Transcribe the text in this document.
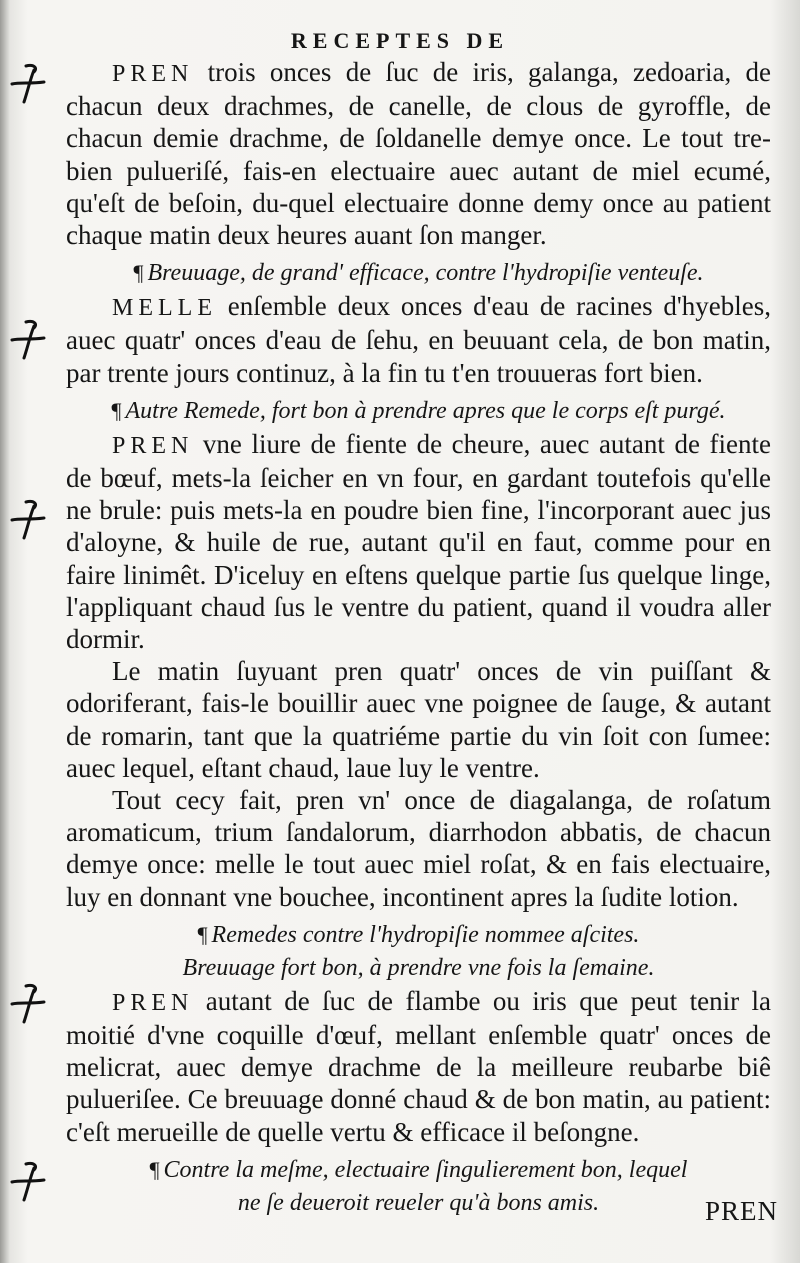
RECEPTES DE

PREN trois onces de ſuc de iris, galanga, zedoaria, de chacun deux drachmes, de canelle, de clous de gyroffle, de chacun demie drachme, de ſoldanelle demye once. Le tout tre-bien pulueriſé, fais-en electuaire auec autant de miel ecumé, qu'eſt de beſoin, du-quel electuaire donne demy once au patient chaque matin deux heures auant ſon manger.

¶ Breuuage, de grand' efficace, contre l'hydropiſie venteuſe.

MELLE enſemble deux onces d'eau de racines d'hyebles, auec quatr' onces d'eau de ſehu, en beuuant cela, de bon matin, par trente jours continuz, à la fin tu t'en trouueras fort bien.

¶ Autre Remede, fort bon à prendre apres que le corps eſt purgé.

PREN vne liure de fiente de cheure, auec autant de fiente de bœuf, mets-la ſeicher en vn four, en gardant toutefois qu'elle ne brule: puis mets-la en poudre bien fine, l'incorporant auec jus d'aloyne, & huile de rue, autant qu'il en faut, comme pour en faire linimêt. D'iceluy en eſtens quelque partie ſus quelque linge, l'appliquant chaud ſus le ventre du patient, quand il voudra aller dormir.

Le matin ſuyuant pren quatr' onces de vin puiſſant & odoriferant, fais-le bouillir auec vne poignee de ſauge, & autant de romarin, tant que la quatriéme partie du vin ſoit con ſumee: auec lequel, eſtant chaud, laue luy le ventre.

Tout cecy fait, pren vn' once de diagalanga, de roſatum aromaticum, trium ſandalorum, diarrhodon abbatis, de chacun demye once: melle le tout auec miel roſat, & en fais electuaire, luy en donnant vne bouchee, incontinent apres la ſudite lotion.

¶ Remedes contre l'hydropiſie nommee aſcites.

Breuuage fort bon, à prendre vne fois la ſemaine.

PREN autant de ſuc de flambe ou iris que peut tenir la moitié d'vne coquille d'œuf, mellant enſemble quatr' onces de melicrat, auec demye drachme de la meilleure reubarbe biê pulueriſee. Ce breuuage donné chaud & de bon matin, au patient: c'eſt merueille de quelle vertu & efficace il beſongne.

¶ Contre la meſme, electuaire ſingulierement bon, lequel

ne ſe deueroit reueler qu'à bons amis.	PREN
